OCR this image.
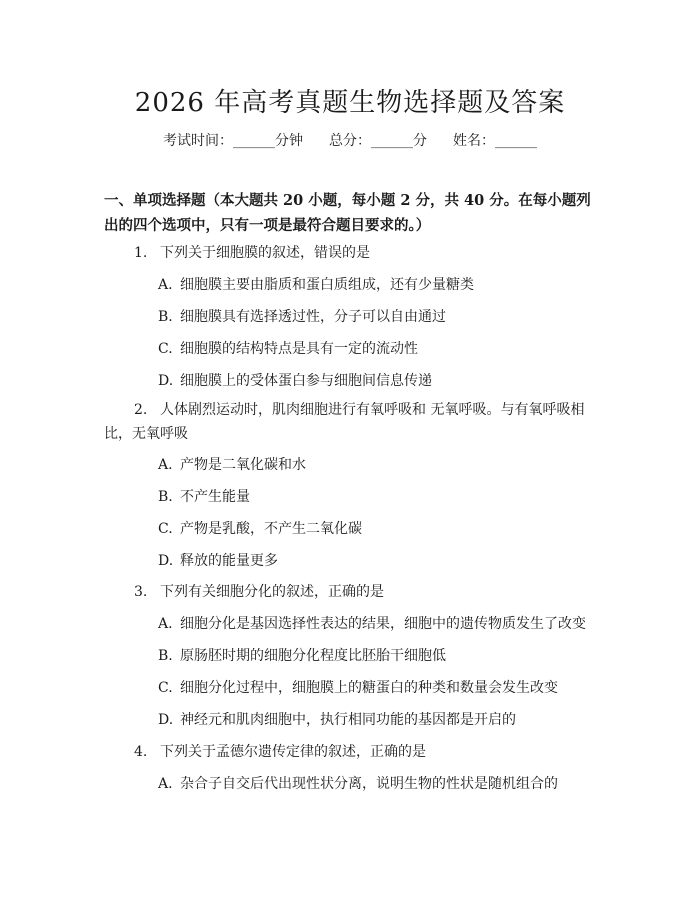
2026 年高考真题生物选择题及答案
考试时间：______分钟 总分：______分 姓名：______
一、单项选择题（本大题共 20 小题，每小题 2 分，共 40 分。在每小题列出的四个选项中，只有一项是最符合题目要求的。）
1. 下列关于细胞膜的叙述，错误的是
A. 细胞膜主要由脂质和蛋白质组成，还有少量糖类
B. 细胞膜具有选择透过性，分子可以自由通过
C. 细胞膜的结构特点是具有一定的流动性
D. 细胞膜上的受体蛋白参与细胞间信息传递
2. 人体剧烈运动时，肌肉细胞进行有氧呼吸和 无氧呼吸。与有氧呼吸相比，无氧呼吸
A. 产物是二氧化碳和水
B. 不产生能量
C. 产物是乳酸，不产生二氧化碳
D. 释放的能量更多
3. 下列有关细胞分化的叙述，正确的是
A. 细胞分化是基因选择性表达的结果，细胞中的遗传物质发生了改变
B. 原肠胚时期的细胞分化程度比胚胎干细胞低
C. 细胞分化过程中，细胞膜上的糖蛋白的种类和数量会发生改变
D. 神经元和肌肉细胞中，执行相同功能的基因都是开启的
4. 下列关于孟德尔遗传定律的叙述，正确的是
A. 杂合子自交后代出现性状分离，说明生物的性状是随机组合的
